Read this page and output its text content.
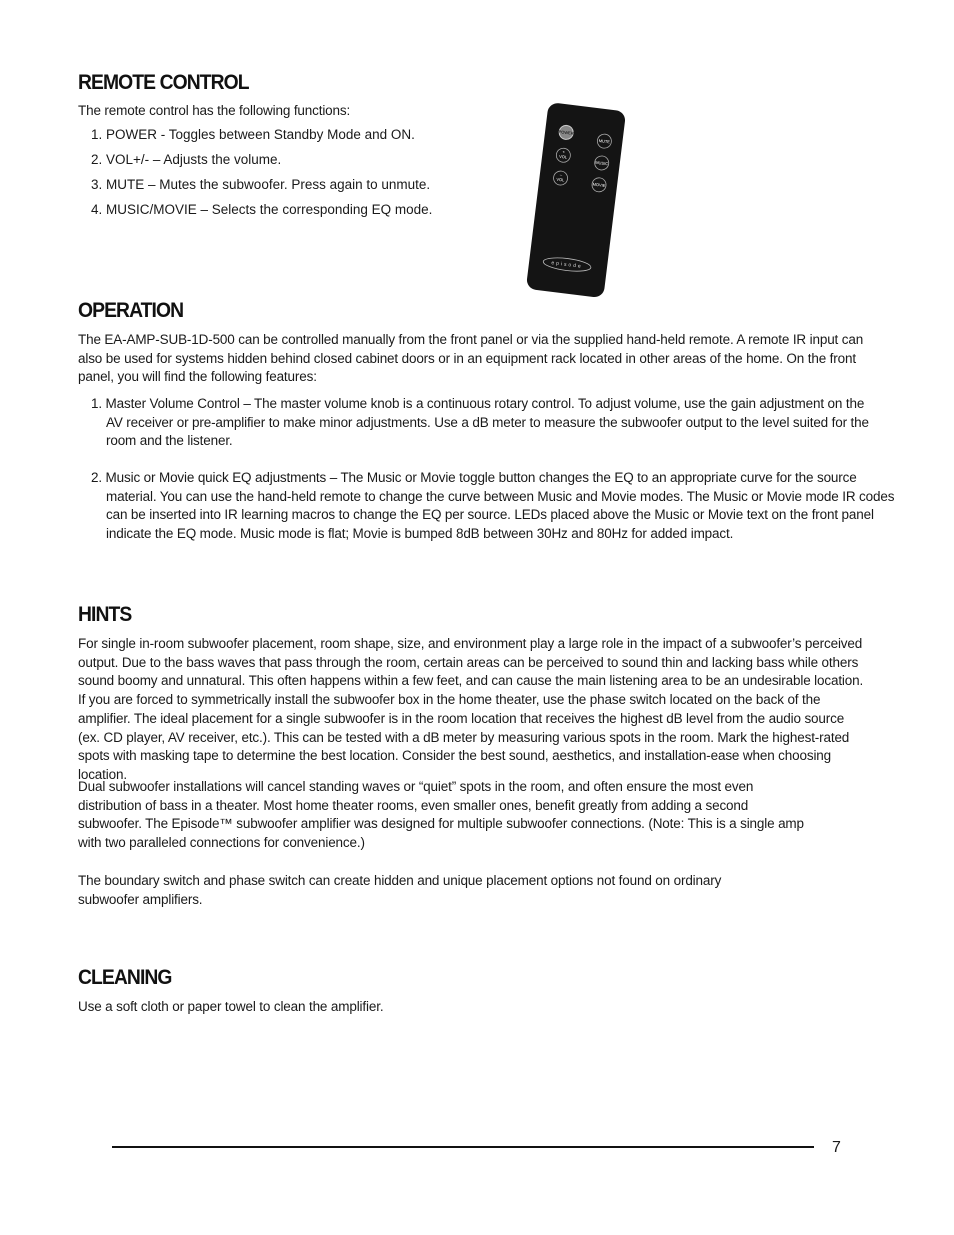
REMOTE CONTROL

The remote control has the following functions:

1. POWER - Toggles between Standby Mode and ON.
2. VOL+/- – Adjusts the volume.
3. MUTE – Mutes the subwoofer. Press again to unmute.
4. MUSIC/MOVIE – Selects the corresponding EQ mode.
POWER
+
VOL
–
VOL
MUTE
MUSIC
MOVIE
episode
OPERATION

The EA-AMP-SUB-1D-500 can be controlled manually from the front panel or via the supplied hand-held remote. A remote IR input can also be used for systems hidden behind closed cabinet doors or in an equipment rack located in other areas of the home. On the front panel, you will find the following features:

1. Master Volume Control – The master volume knob is a continuous rotary control. To adjust volume, use the gain adjustment on the AV receiver or pre-amplifier to make minor adjustments. Use a dB meter to measure the subwoofer output to the level suited for the room and the listener.

2. Music or Movie quick EQ adjustments – The Music or Movie toggle button changes the EQ to an appropriate curve for the source material. You can use the hand-held remote to change the curve between Music and Movie modes. The Music or Movie mode IR codes can be inserted into IR learning macros to change the EQ per source. LEDs placed above the Music or Movie text on the front panel indicate the EQ mode. Music mode is flat; Movie is bumped 8dB between 30Hz and 80Hz for added impact.

HINTS

For single in-room subwoofer placement, room shape, size, and environment play a large role in the impact of a subwoofer’s perceived output. Due to the bass waves that pass through the room, certain areas can be perceived to sound thin and lacking bass while others sound boomy and unnatural. This often happens within a few feet, and can cause the main listening area to be an undesirable location. If you are forced to symmetrically install the subwoofer box in the home theater, use the phase switch located on the back of the amplifier. The ideal placement for a single subwoofer is in the room location that receives the highest dB level from the audio source (ex. CD player, AV receiver, etc.). This can be tested with a dB meter by measuring various spots in the room. Mark the highest-rated spots with masking tape to determine the best location. Consider the best sound, aesthetics, and installation-ease when choosing location.

Dual subwoofer installations will cancel standing waves or “quiet” spots in the room, and often ensure the most even distribution of bass in a theater. Most home theater rooms, even smaller ones, benefit greatly from adding a second subwoofer. The Episode™ subwoofer amplifier was designed for multiple subwoofer connections. (Note: This is a single amp with two paralleled connections for convenience.)

The boundary switch and phase switch can create hidden and unique placement options not found on ordinary subwoofer amplifiers.

CLEANING

Use a soft cloth or paper towel to clean the amplifier.

7
